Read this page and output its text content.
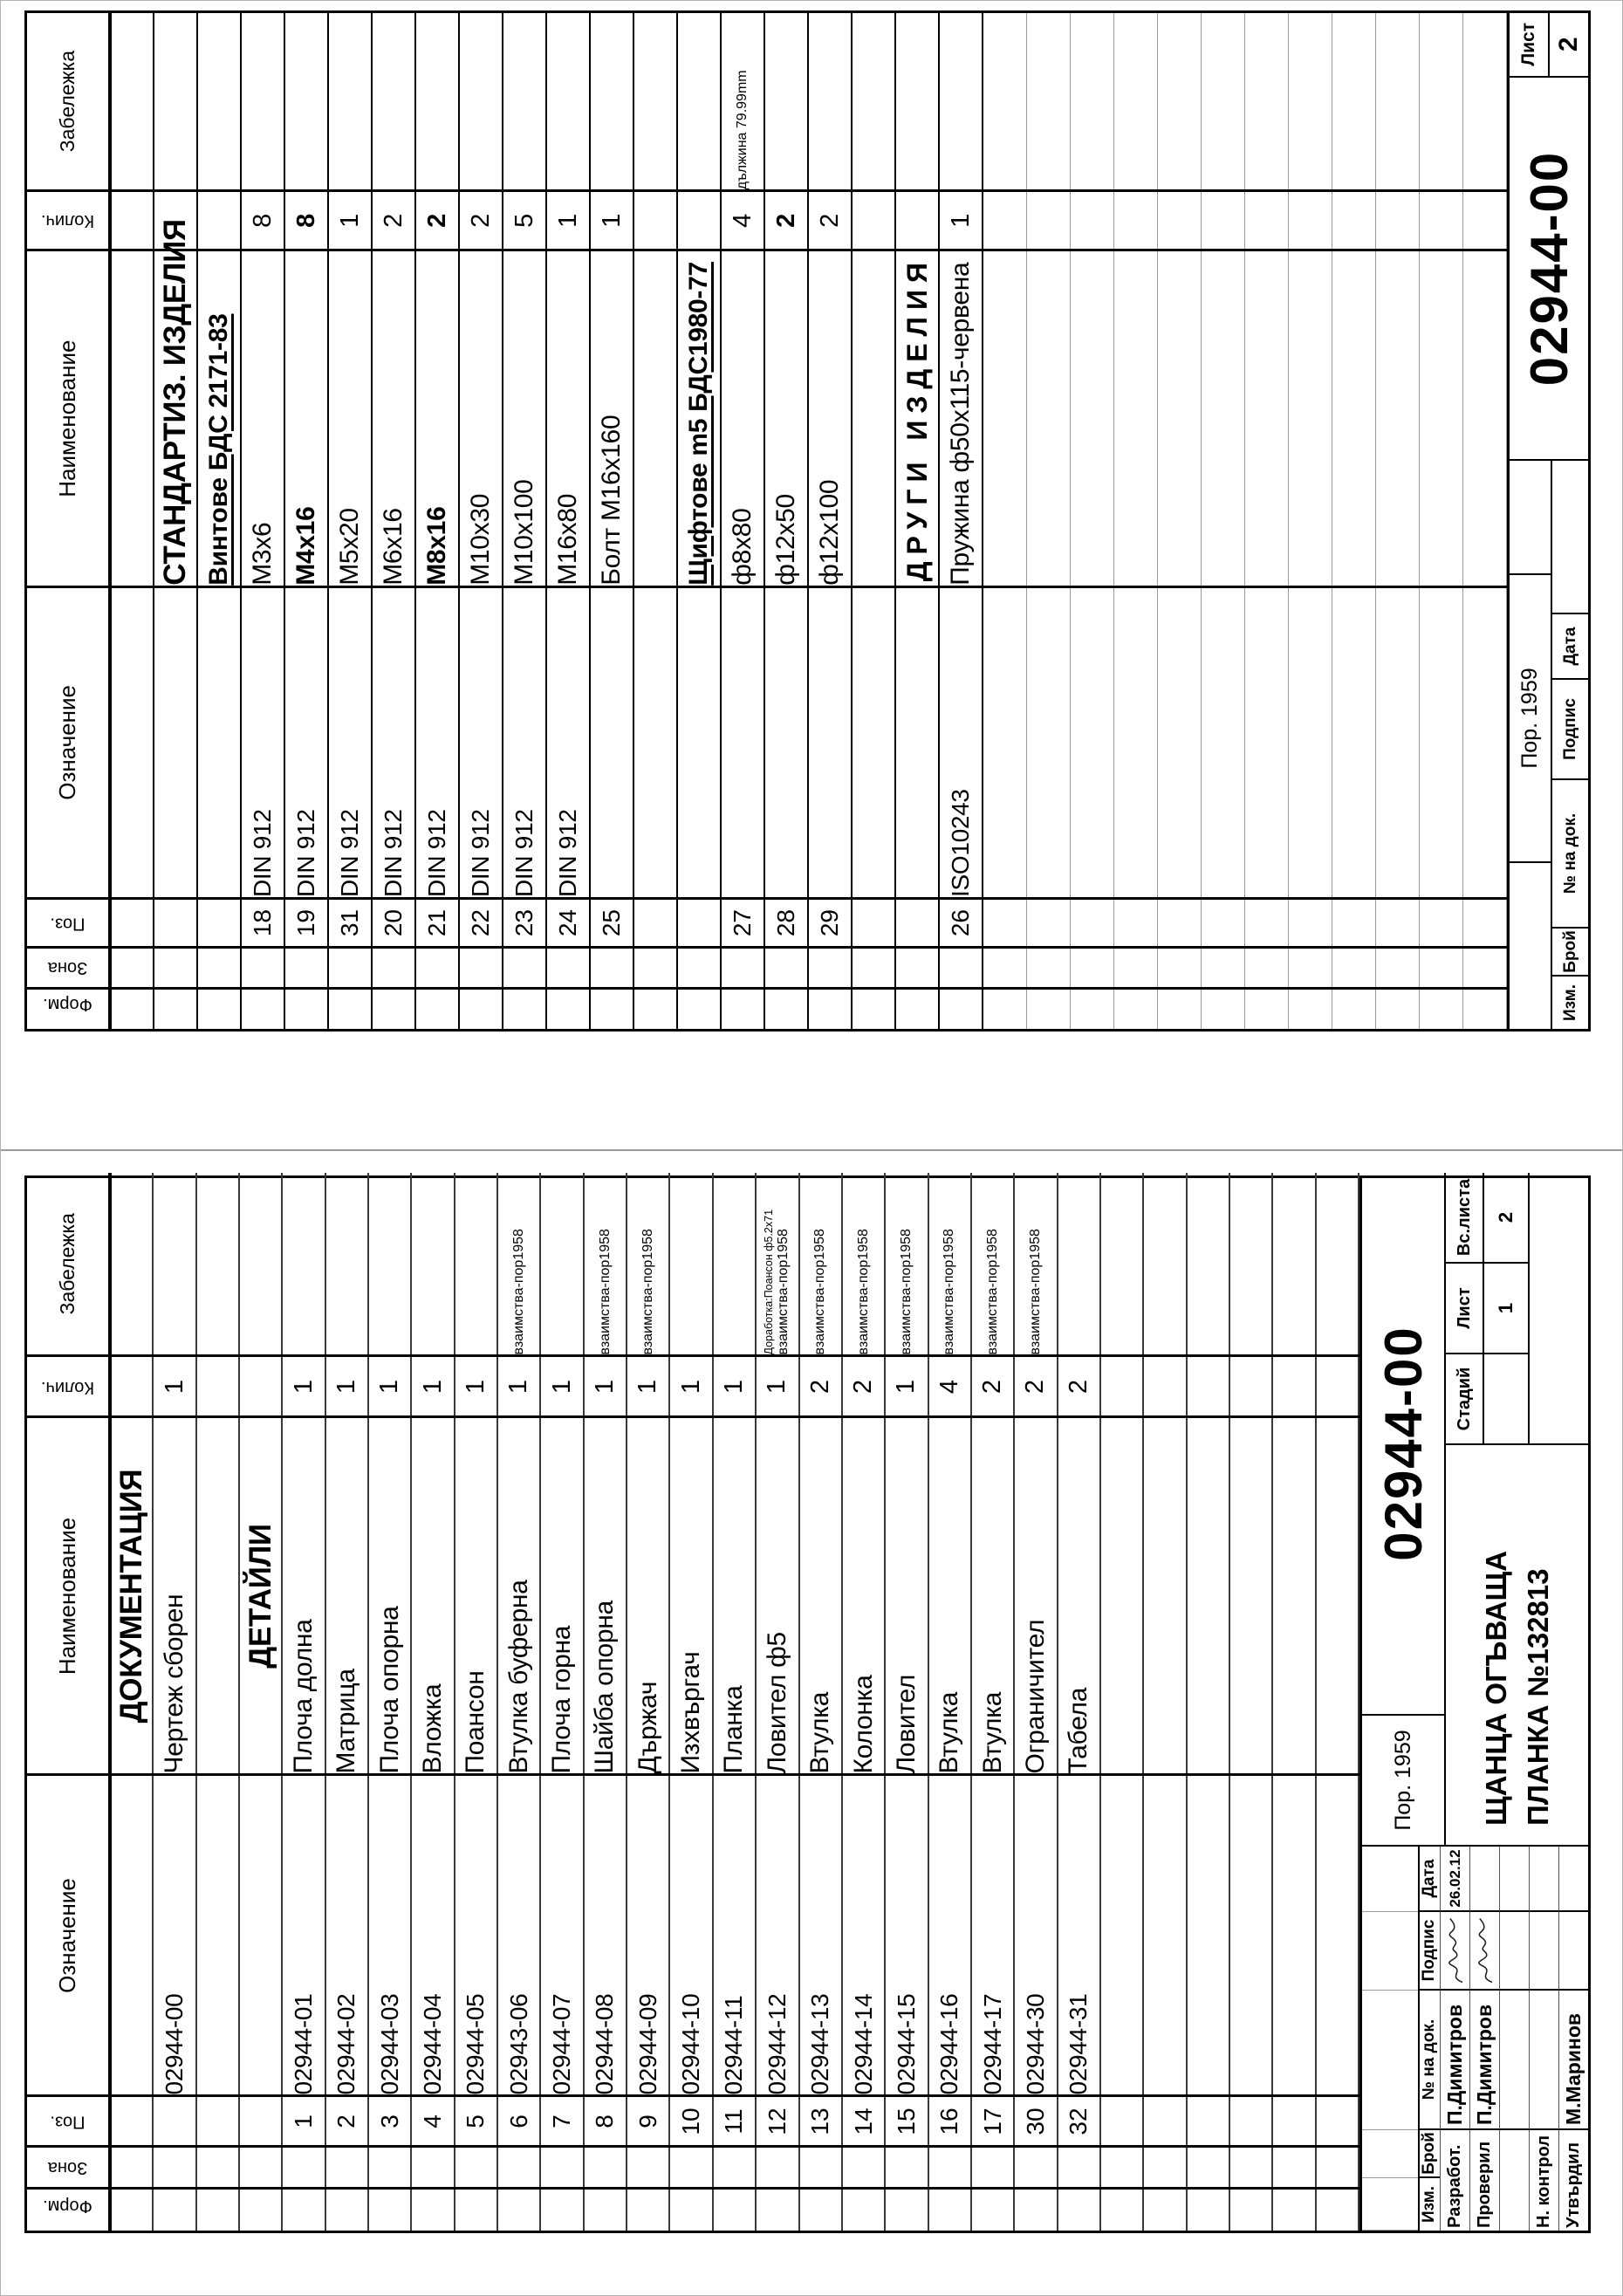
Форм.	Зона	Поз.	Означение	Наименование	Колич.	Забележка

				СТАНДАРТИЗ. ИЗДЕЛИЯ		

				Винтове БДС 2171-83		

		18	DIN 912	M3x6	8	

		19	DIN 912	M4x16	8	

		31	DIN 912	M5x20	1	

		20	DIN 912	M6x16	2	

		21	DIN 912	M8x16	2	

		22	DIN 912	M10x30	2	

		23	DIN 912	M10x100	5	

		24	DIN 912	M16x80	1	

		25		Болт M16x160	1	

				Щифтове m5 БДС1980-77		

		27		ф8x80	4	дължина 79.99mm

		28		ф12x50	2	

		29		ф12x100	2	

				ДРУГИ ИЗДЕЛИЯ		

		26	ISO10243	Пружина ф50x115-червена	1	

Пор. 1959
Изм.
Брой
№ на док.
Подпис
Дата
02944-00
Лист 2
Форм.	Зона	Поз.	Означение	Наименование	Колич.	Забележка

				ДОКУМЕНТАЦИЯ		

			02944-00	Чертеж сборен	1	

				ДЕТАЙЛИ		

		1	02944-01	Плоча долна	1	

		2	02944-02	Матрица	1	

		3	02944-03	Плоча опорна	1	

		4	02944-04	Вложка	1	

		5	02944-05	Поансон	1	

		6	02943-06	Втулка буферна	1	взаимства-пор1958

		7	02944-07	Плоча горна	1	

		8	02944-08	Шайба опорна	1	взаимства-пор1958

		9	02944-09	Държач	1	взаимства-пор1958

		10	02944-10	Изхвъргач	1	

		11	02944-11	Планка	1	

		12	02944-12	Ловител ф5	1	Доработка:Поансон ф5.2х71 взаимства-пор1958

		13	02944-13	Втулка	2	взаимства-пор1958

		14	02944-14	Колонка	2	взаимства-пор1958

		15	02944-15	Ловител	1	взаимства-пор1958

		16	02944-16	Втулка	4	взаимства-пор1958

		17	02944-17	Втулка	2	взаимства-пор1958

		30	02944-30	Ограничител	2	взаимства-пор1958

		32	02944-31	Табела	2	

Изм.
Брой
№ на док.
Подпис
Дата
Разработ.
П.Димитров
26.02.12
Проверил
П.Димитров
Н. контрол Утвърдил
М.Маринов
Пор. 1959
02944-00
ЩАНЦА ОГЪВАЩА ПЛАНКА №132813
Стадий
Лист
Вс.листа
1
2
